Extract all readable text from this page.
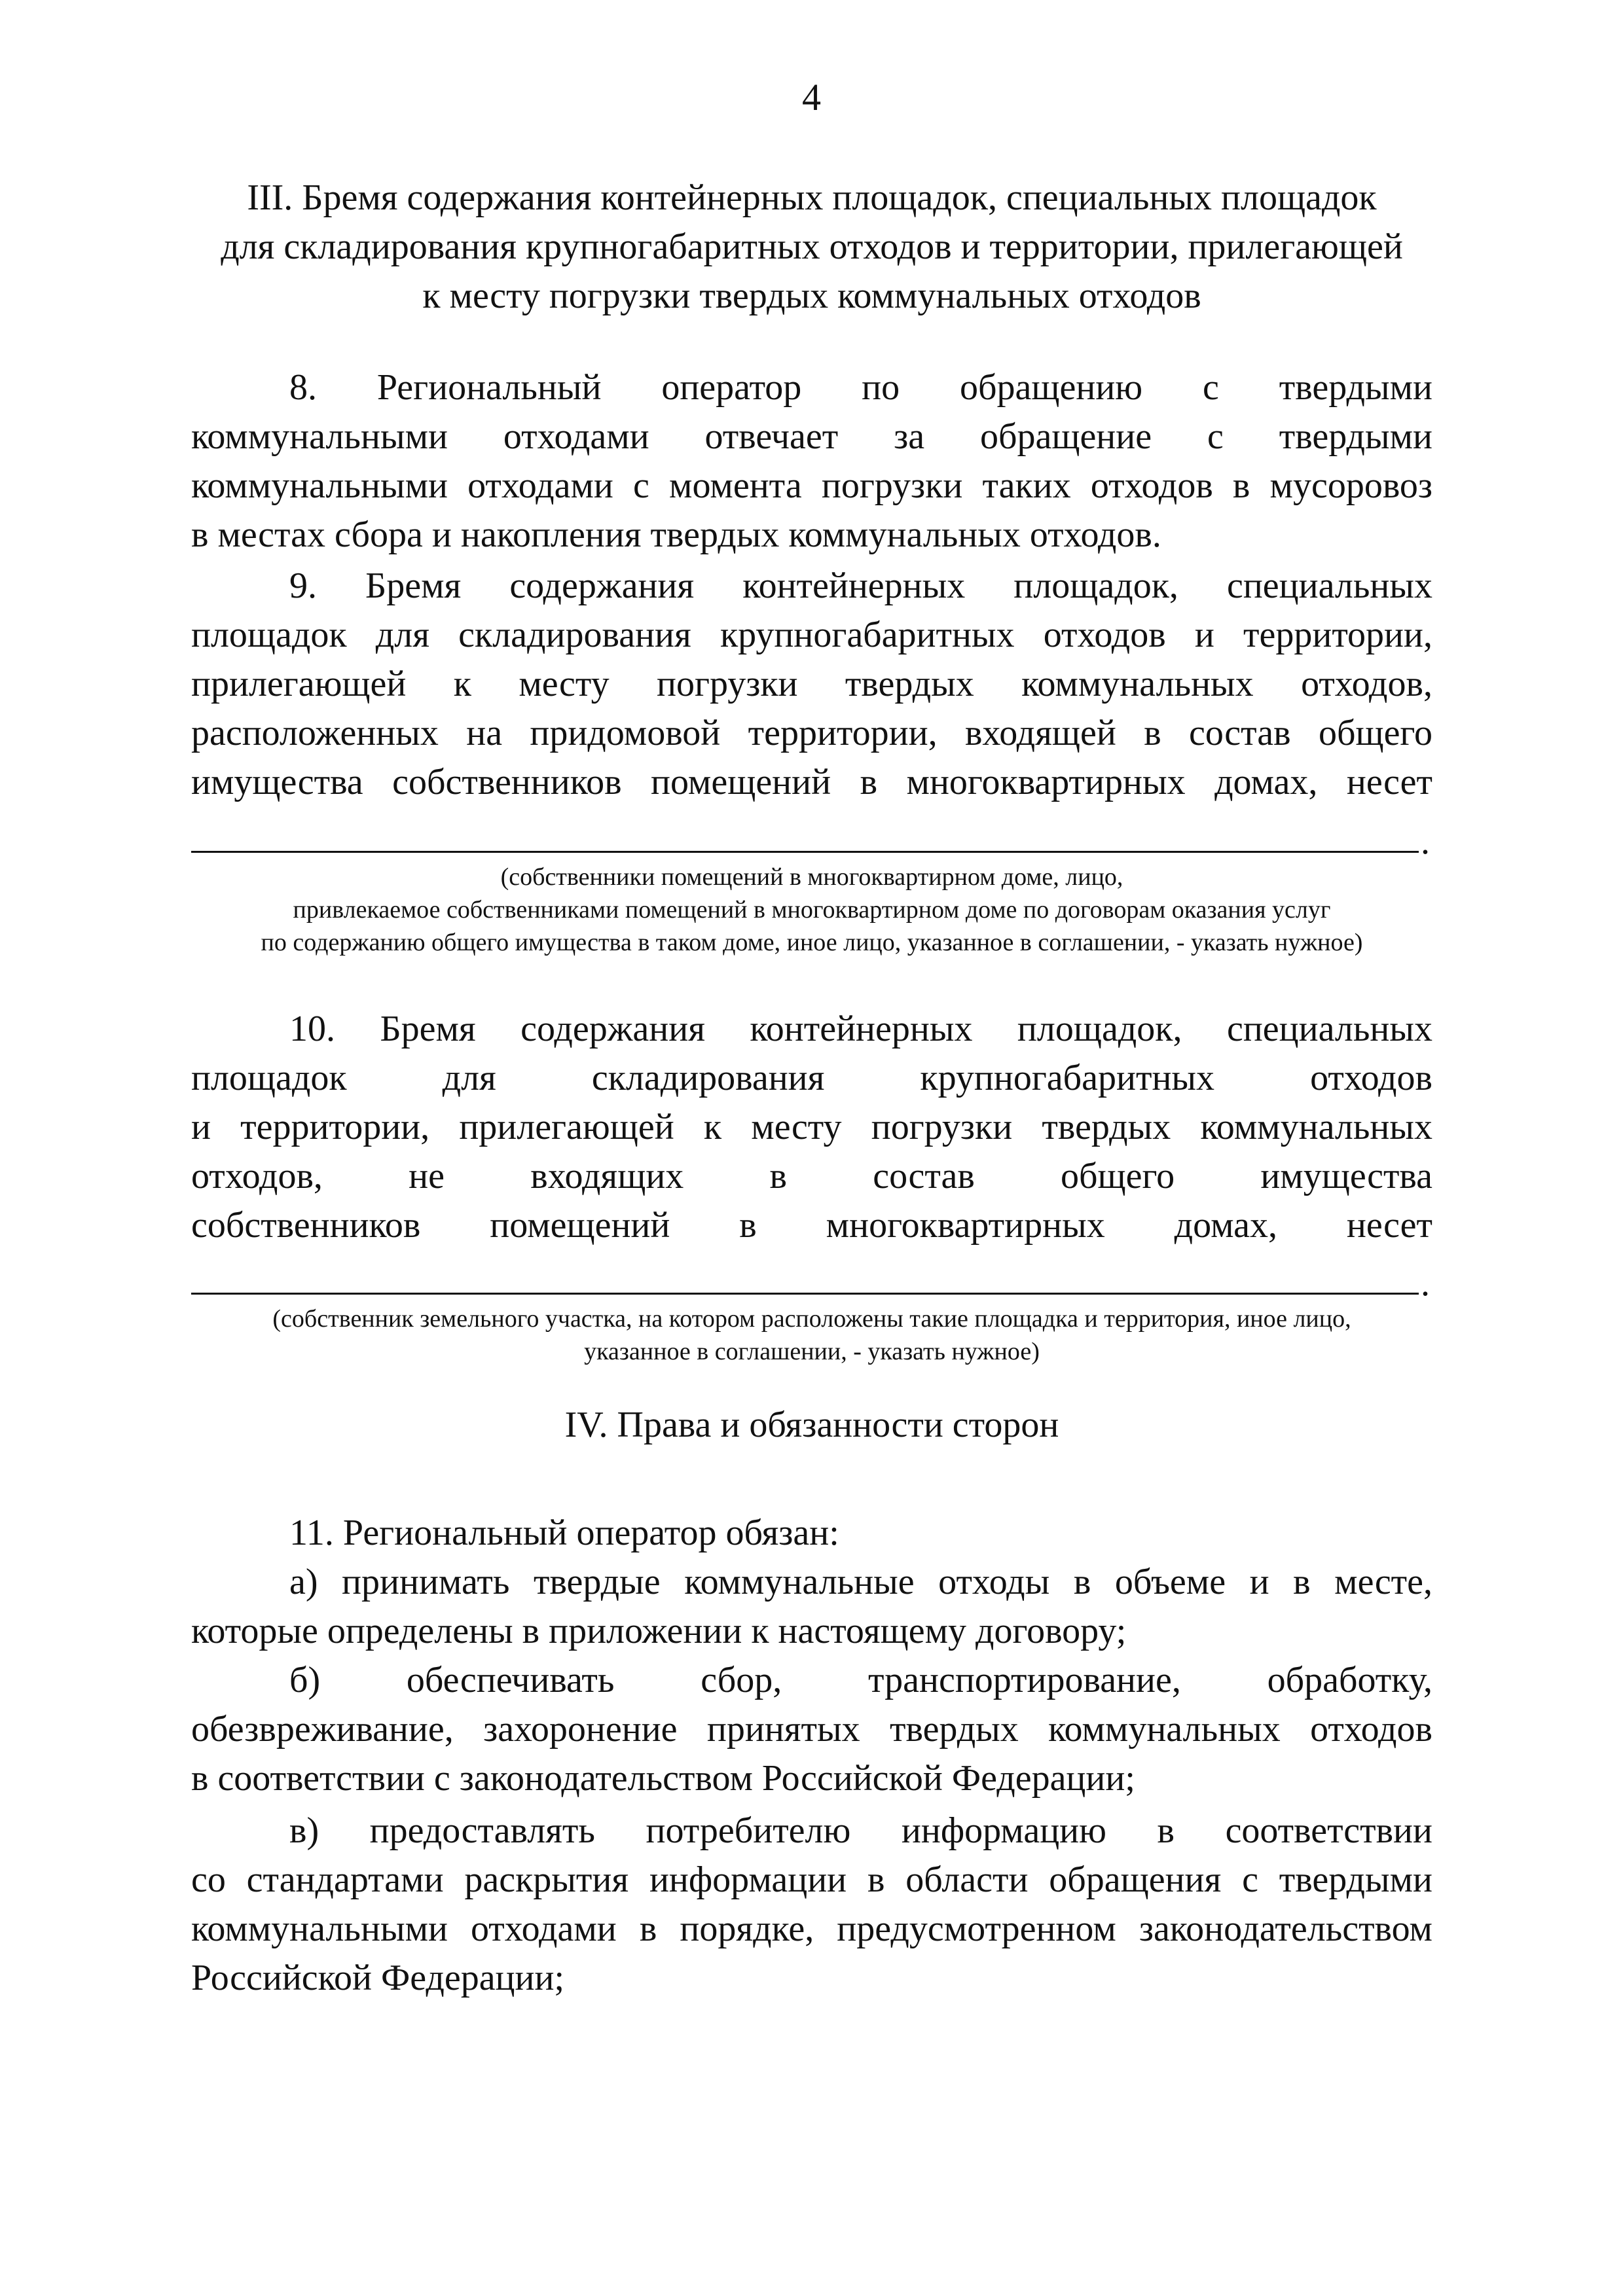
4
III. Бремя содержания контейнерных площадок, специальных площадок
для складирования крупногабаритных отходов и территории, прилегающей
к месту погрузки твердых коммунальных отходов
8. Региональный оператор по обращению с твердыми
коммунальными отходами отвечает за обращение с твердыми
коммунальными отходами с момента погрузки таких отходов в мусоровоз
в местах сбора и накопления твердых коммунальных отходов.
9. Бремя содержания контейнерных площадок, специальных
площадок для складирования крупногабаритных отходов и территории,
прилегающей к месту погрузки твердых коммунальных отходов,
расположенных на придомовой территории, входящей в состав общего
имущества собственников помещений в многоквартирных домах, несет
.
(собственники помещений в многоквартирном доме, лицо,
привлекаемое собственниками помещений в многоквартирном доме по договорам оказания услуг
по содержанию общего имущества в таком доме, иное лицо, указанное в соглашении, - указать нужное)
10. Бремя содержания контейнерных площадок, специальных
площадок для складирования крупногабаритных отходов
и территории, прилегающей к месту погрузки твердых коммунальных
отходов, не входящих в состав общего имущества
собственников помещений в многоквартирных домах, несет
.
(собственник земельного участка, на котором расположены такие площадка и территория, иное лицо,
указанное в соглашении, - указать нужное)
IV. Права и обязанности сторон
11. Региональный оператор обязан:
а) принимать твердые коммунальные отходы в объеме и в месте,
которые определены в приложении к настоящему договору;
б) обеспечивать сбор, транспортирование, обработку,
обезвреживание, захоронение принятых твердых коммунальных отходов
в соответствии с законодательством Российской Федерации;
в) предоставлять потребителю информацию в соответствии
со стандартами раскрытия информации в области обращения с твердыми
коммунальными отходами в порядке, предусмотренном законодательством
Российской Федерации;
